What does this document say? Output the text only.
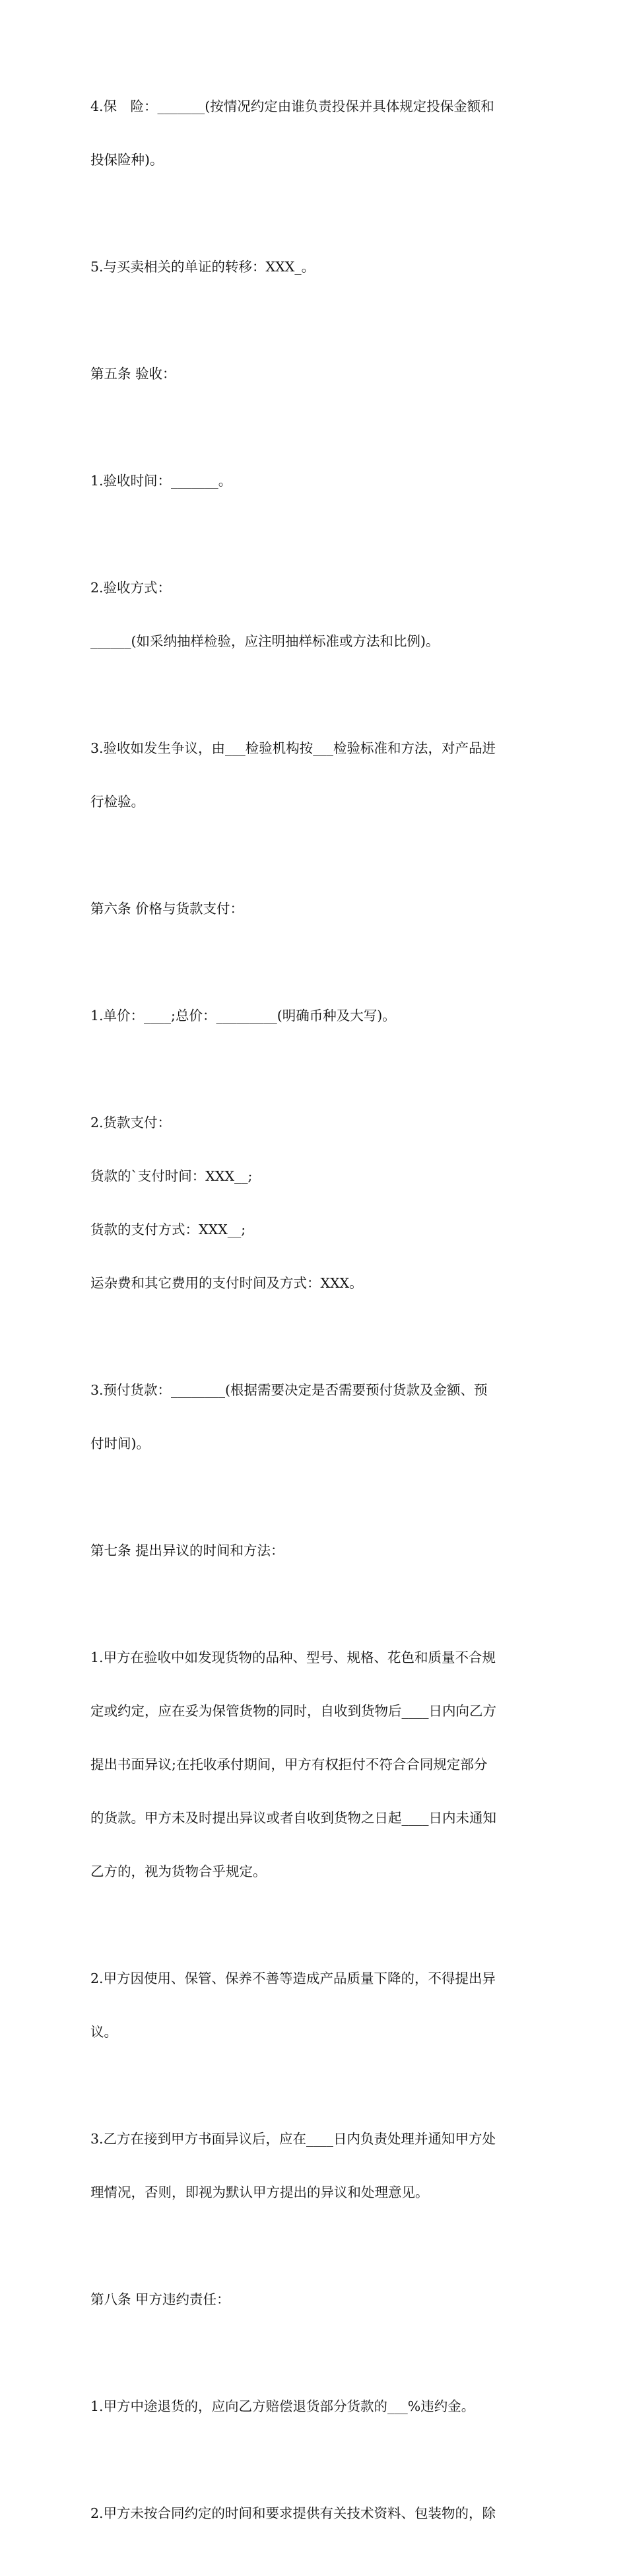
4.保　险：_______(按情况约定由谁负责投保并具体规定投保金额和

投保险种)。

5.与买卖相关的单证的转移：XXX_。

第五条 验收：

1.验收时间：_______。

2.验收方式：

______(如采纳抽样检验，应注明抽样标准或方法和比例)。

3.验收如发生争议，由___检验机构按___检验标准和方法，对产品进

行检验。

第六条 价格与货款支付：

1.单价：____;总价：_________(明确币种及大写)。

2.货款支付：

货款的`支付时间：XXX__;

货款的支付方式：XXX__;

运杂费和其它费用的支付时间及方式：XXX。

3.预付货款：________(根据需要决定是否需要预付货款及金额、预

付时间)。

第七条 提出异议的时间和方法：

1.甲方在验收中如发现货物的品种、型号、规格、花色和质量不合规

定或约定，应在妥为保管货物的同时，自收到货物后____日内向乙方

提出书面异议;在托收承付期间，甲方有权拒付不符合合同规定部分

的货款。甲方未及时提出异议或者自收到货物之日起____日内未通知

乙方的，视为货物合乎规定。

2.甲方因使用、保管、保养不善等造成产品质量下降的，不得提出异

议。

3.乙方在接到甲方书面异议后，应在____日内负责处理并通知甲方处

理情况，否则，即视为默认甲方提出的异议和处理意见。

第八条 甲方违约责任：

1.甲方中途退货的，应向乙方赔偿退货部分货款的___%违约金。

2.甲方未按合同约定的时间和要求提供有关技术资料、包装物的，除
